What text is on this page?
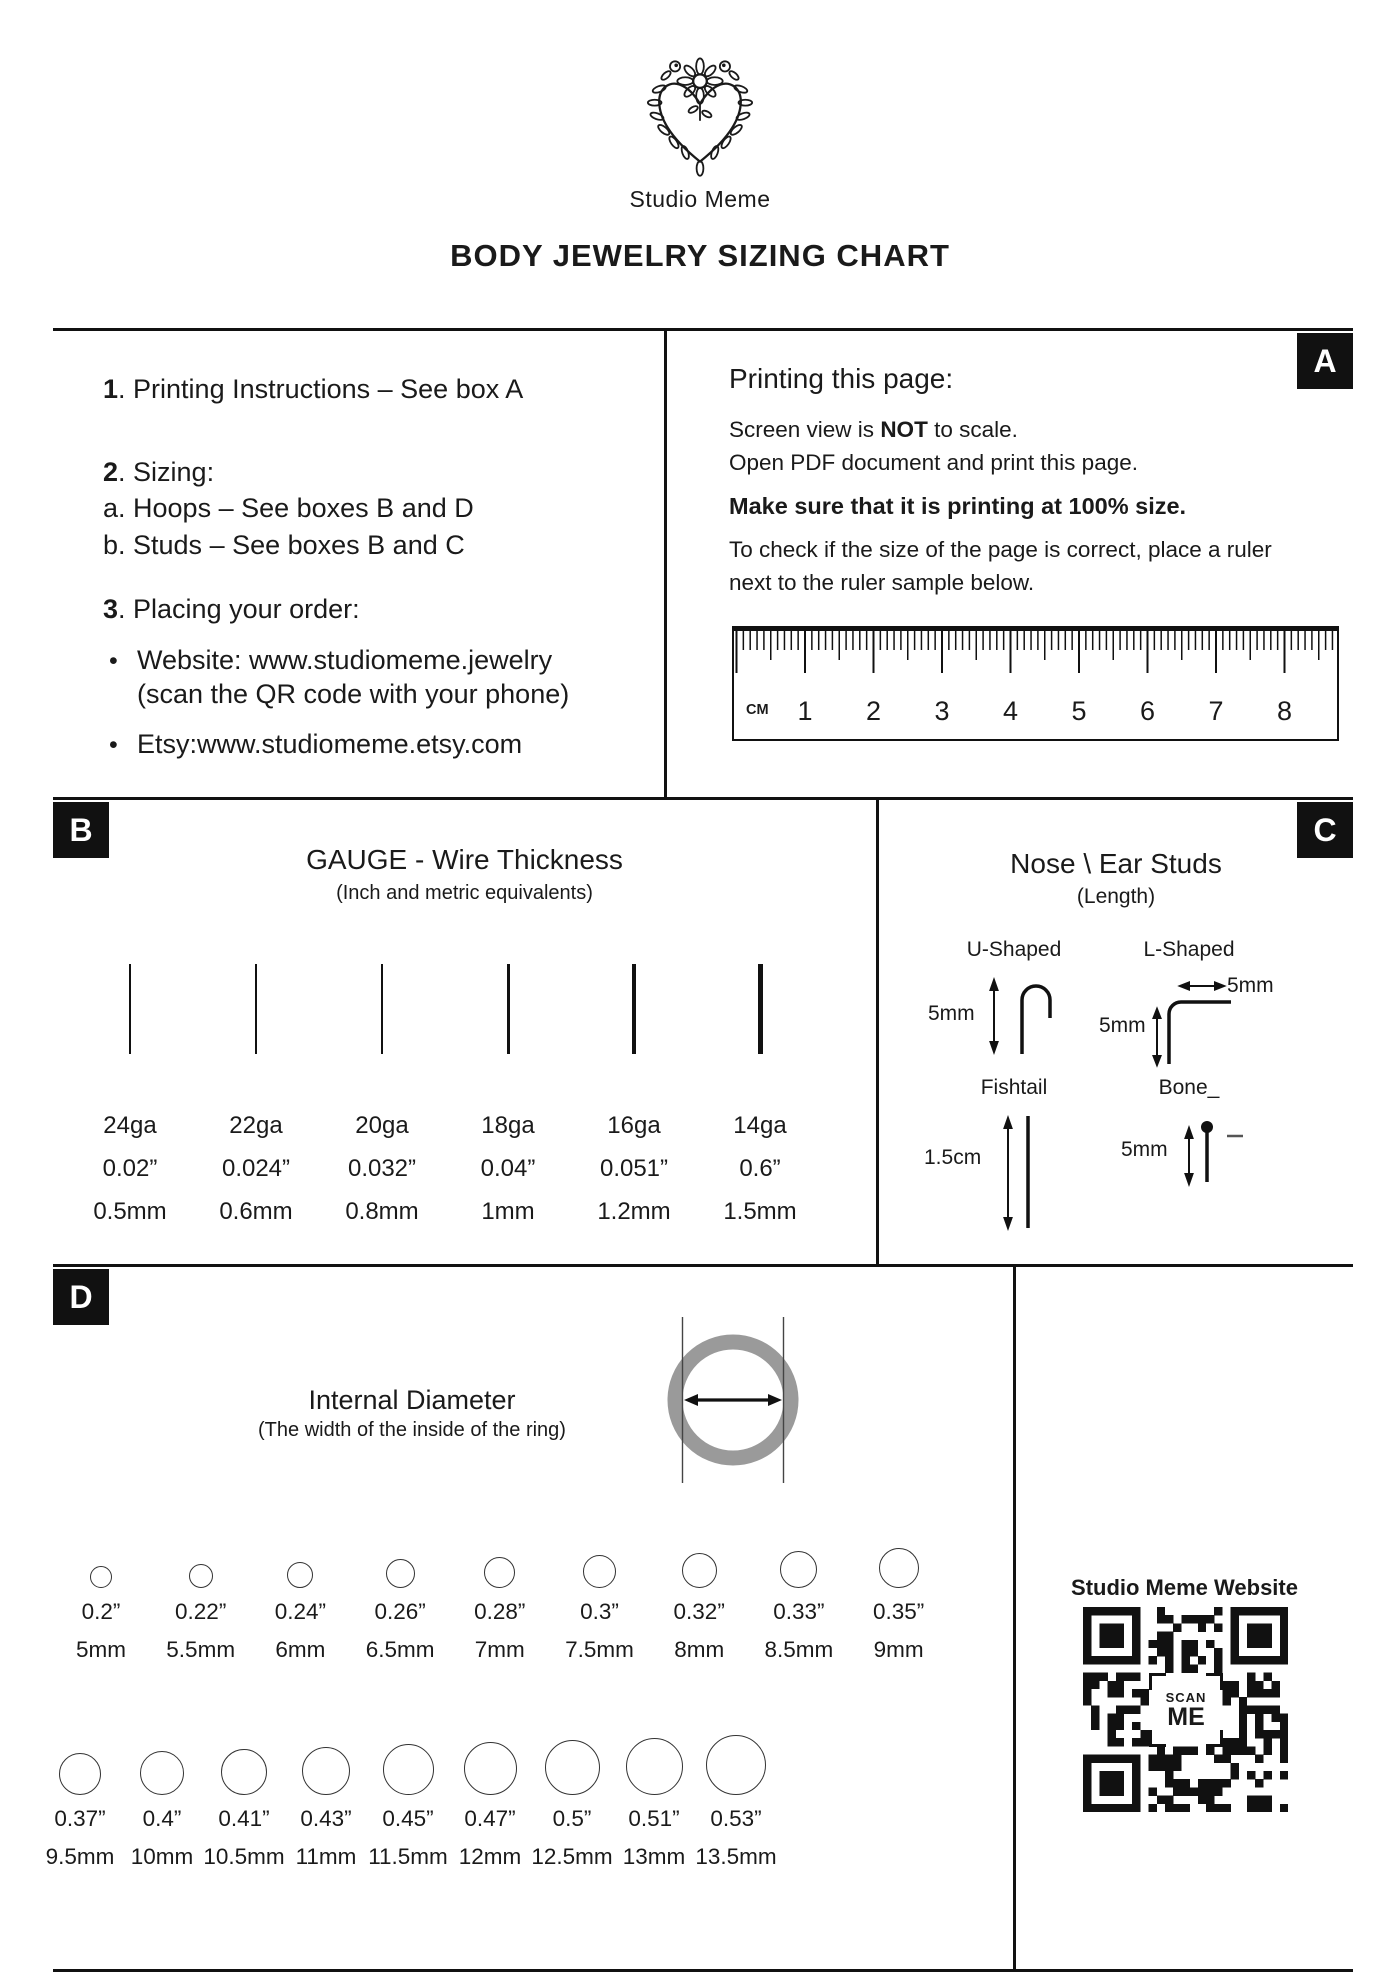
Studio Meme
BODY JEWELRY SIZING CHART

1. Printing Instructions – See box A

2. Sizing:

a. Hoops – See boxes B and D

b. Studs – See boxes B and C

3. Placing your order:

• Website: www.studiomeme.jewelry
(scan the QR code with your phone)
• Etsy:www.studiomeme.etsy.com
A
Printing this page:

Screen view is NOT to scale.
Open PDF document and print this page.

Make sure that it is printing at 100% size.

To check if the size of the page is correct, place a ruler
next to the ruler sample below.

CM 1 2 3 4 5 6 7 8
B
GAUGE - Wire Thickness
(Inch and metric equivalents)
24ga
0.02”
0.5mm
22ga
0.024”
0.6mm
20ga
0.032”
0.8mm
18ga
0.04”
1mm
16ga
0.051”
1.2mm
14ga
0.6”
1.5mm
C
Nose \ Ear Studs
(Length)
U-Shaped
5mm
L-Shaped
5mm
5mm
Fishtail
1.5cm
Bone_
5mm
D
Internal Diameter
(The width of the inside of the ring)
0.2”
5mm
0.22”
5.5mm
0.24”
6mm
0.26”
6.5mm
0.28”
7mm
0.3”
7.5mm
0.32”
8mm
0.33”
8.5mm
0.35”
9mm
0.37”
9.5mm
0.4”
10mm
0.41”
10.5mm
0.43”
11mm
0.45”
11.5mm
0.47”
12mm
0.5”
12.5mm
0.51”
13mm
0.53”
13.5mm
Studio Meme Website
SCAN
ME
